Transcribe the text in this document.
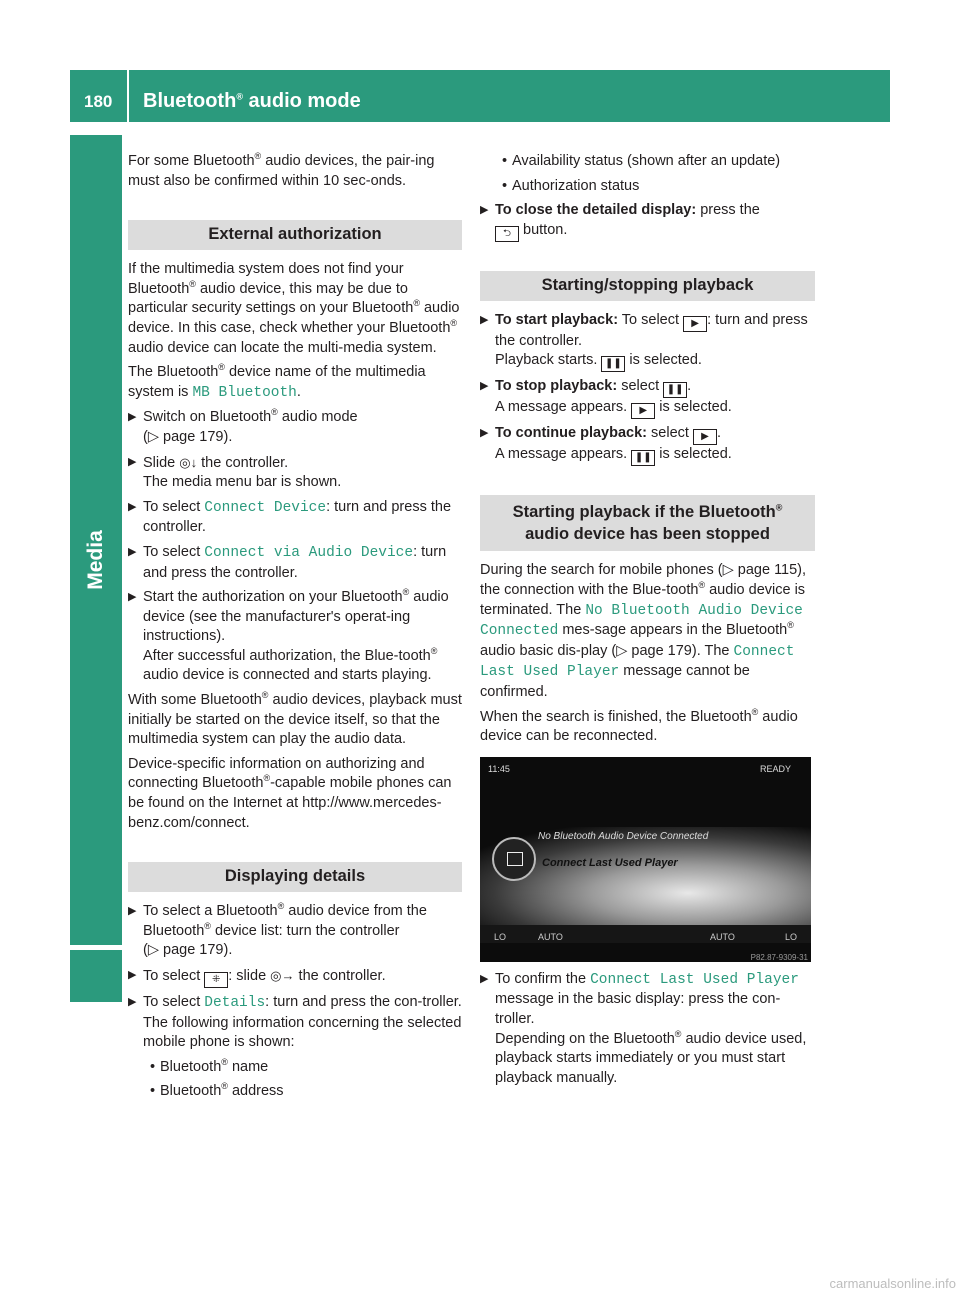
180 Bluetooth® audio mode
Media

For some Bluetooth® audio devices, the pair-ing must also be confirmed within 10 sec-onds.

External authorization

If the multimedia system does not find your Bluetooth® audio device, this may be due to particular security settings on your Bluetooth® audio device. In this case, check whether your Bluetooth® audio device can locate the multi-media system.

The Bluetooth® device name of the multimedia system is MB Bluetooth.

▶ Switch on Bluetooth® audio mode
(▷ page 179).
▶ Slide ◎↓ the controller.
The media menu bar is shown.
▶ To select Connect Device: turn and press the controller.
▶ To select Connect via Audio Device: turn and press the controller.
▶ Start the authorization on your Bluetooth® audio device (see the manufacturer's operat-ing instructions).
After successful authorization, the Blue-tooth® audio device is connected and starts playing.

With some Bluetooth® audio devices, playback must initially be started on the device itself, so that the multimedia system can play the audio data.

Device-specific information on authorizing and connecting Bluetooth®-capable mobile phones can be found on the Internet at http://www.mercedes-benz.com/connect.

Displaying details
▶ To select a Bluetooth® audio device from the Bluetooth® device list: turn the controller
(▷ page 179).
▶ To select ⁜ : slide ◎→ the controller.
▶ To select Details: turn and press the con-troller.
The following information concerning the selected mobile phone is shown:
• Bluetooth® name
• Bluetooth® address
• Availability status (shown after an update)
• Authorization status
▶ To close the detailed display: press the
⮌ button.
Starting/stopping playback
▶ To start playback: To select ▶ : turn and press the controller.
Playback starts. ❚❚ is selected.
▶ To stop playback: select ❚❚ .
A message appears. ▶ is selected.
▶ To continue playback: select ▶ .
A message appears. ❚❚ is selected.
Starting playback if the Bluetooth®
audio device has been stopped

During the search for mobile phones (▷ page 115), the connection with the Blue-tooth® audio device is terminated. The No Bluetooth Audio Device Connected mes-sage appears in the Bluetooth® audio basic dis-play (▷ page 179). The Connect Last Used Player message cannot be confirmed.

When the search is finished, the Bluetooth® audio device can be reconnected.

11:45	READY
No Bluetooth Audio Device Connected
Connect Last Used Player
LO	AUTO	AUTO	LO
P82.87-9309-31
▶ To confirm the Connect Last Used Player message in the basic display: press the con-troller.
Depending on the Bluetooth® audio device used, playback starts immediately or you must start playback manually.
carmanualsonline.info
